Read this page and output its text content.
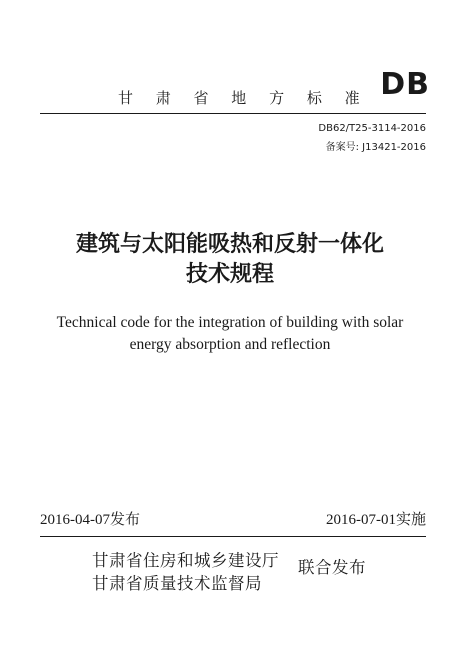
DB
甘 肃 省 地 方 标 准
DB62/T25-3114-2016
备案号: J13421-2016
建筑与太阳能吸热和反射一体化
技术规程
Technical code for the integration of building with solar
energy absorption and reflection
2016-04-07发布	2016-07-01实施
甘肃省住房和城乡建设厅
甘肃省质量技术监督局
联合发布
